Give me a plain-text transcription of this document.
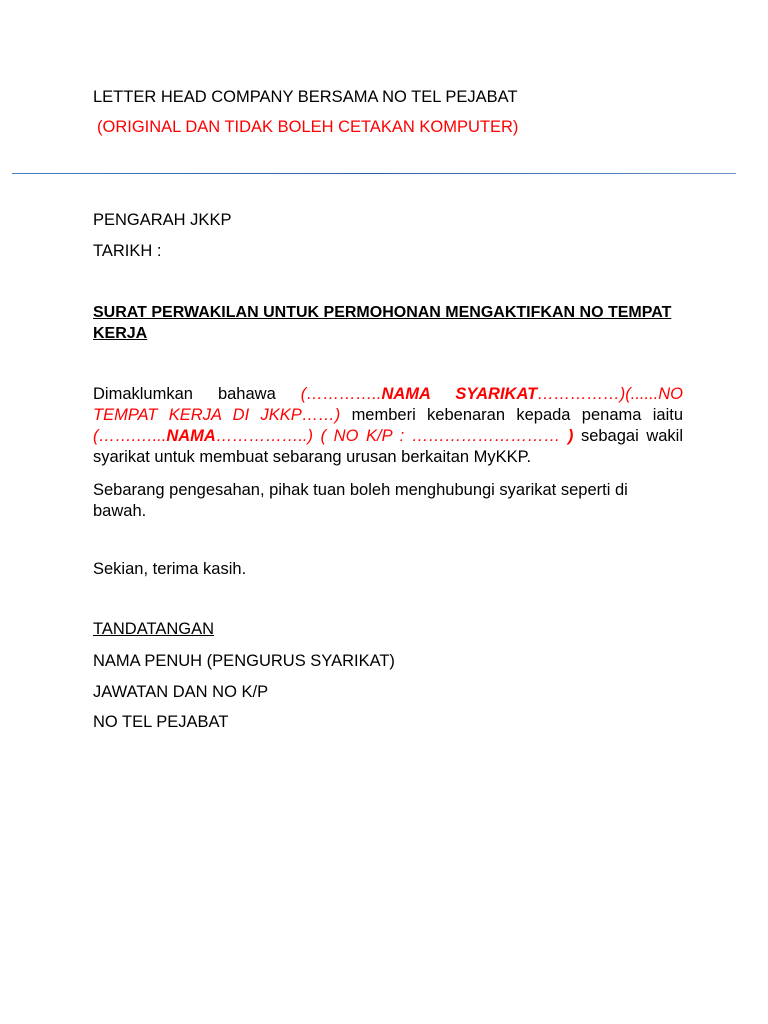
LETTER HEAD COMPANY BERSAMA NO TEL PEJABAT
(ORIGINAL DAN TIDAK BOLEH CETAKAN KOMPUTER)
PENGARAH JKKP
TARIKH :
SURAT PERWAKILAN UNTUK PERMOHONAN MENGAKTIFKAN NO TEMPAT KERJA
Dimaklumkan bahawa (…………..NAMA SYARIKAT……………)(......NO TEMPAT KERJA DI JKKP……) memberi kebenaran kepada penama iaitu (…….…...NAMA……………..) ( NO K/P : ……………………… ) sebagai wakil syarikat untuk membuat sebarang urusan berkaitan MyKKP.
Sebarang pengesahan, pihak tuan boleh menghubungi syarikat seperti di bawah.
Sekian, terima kasih.
TANDATANGAN
NAMA PENUH (PENGURUS SYARIKAT)
JAWATAN DAN NO K/P
NO TEL PEJABAT
